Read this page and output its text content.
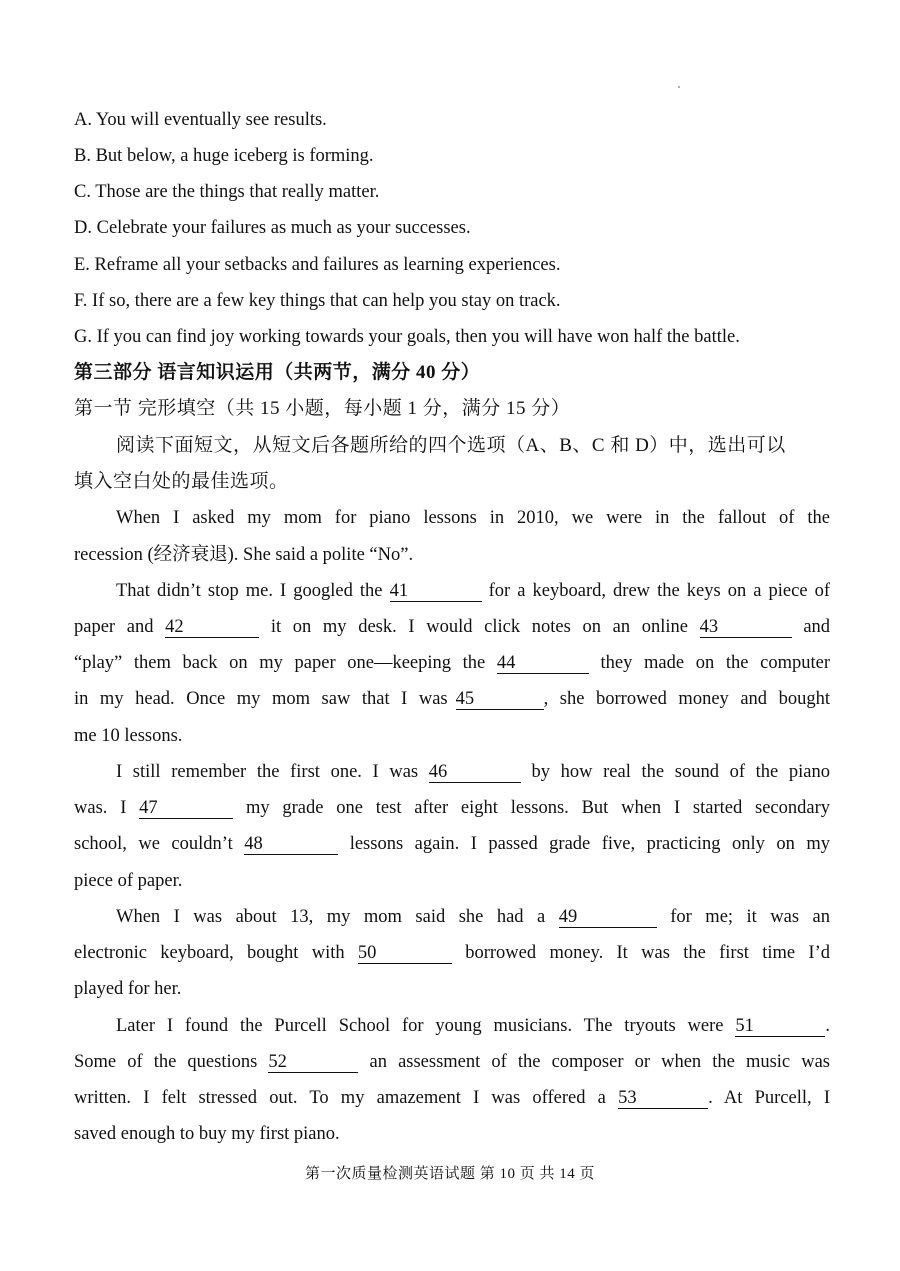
A. You will eventually see results.
B. But below, a huge iceberg is forming.
C. Those are the things that really matter.
D. Celebrate your failures as much as your successes.
E. Reframe all your setbacks and failures as learning experiences.
F. If so, there are a few key things that can help you stay on track.
G. If you can find joy working towards your goals, then you will have won half the battle.
第三部分 语言知识运用（共两节，满分 40 分）
第一节 完形填空（共 15 小题，每小题 1 分，满分 15 分）
阅读下面短文，从短文后各题所给的四个选项（A、B、C 和 D）中，选出可以
填入空白处的最佳选项。
When I asked my mom for piano lessons in 2010, we were in the fallout of the
recession (经济衰退). She said a polite “No”.
That didn’t stop me. I googled the 41	for a keyboard, drew the keys on a piece of
paper and 42	it on my desk. I would click notes on an online 43	and
“play” them back on my paper one—keeping the 44	they made on the computer
in my head. Once my mom saw that I was 45	, she borrowed money and bought
me 10 lessons.
I still remember the first one. I was 46	by how real the sound of the piano
was. I 47	my grade one test after eight lessons. But when I started secondary
school, we couldn’t 48	lessons again. I passed grade five, practicing only on my
piece of paper.
When I was about 13, my mom said she had a 49	for me; it was an
electronic keyboard, bought with 50	borrowed money. It was the first time I’d
played for her.
Later I found the Purcell School for young musicians. The tryouts were 51	.
Some of the questions 52	an assessment of the composer or when the music was
written. I felt stressed out. To my amazement I was offered a 53	. At Purcell, I
saved enough to buy my first piano.
第一次质量检测英语试题 第 10 页 共 14 页
